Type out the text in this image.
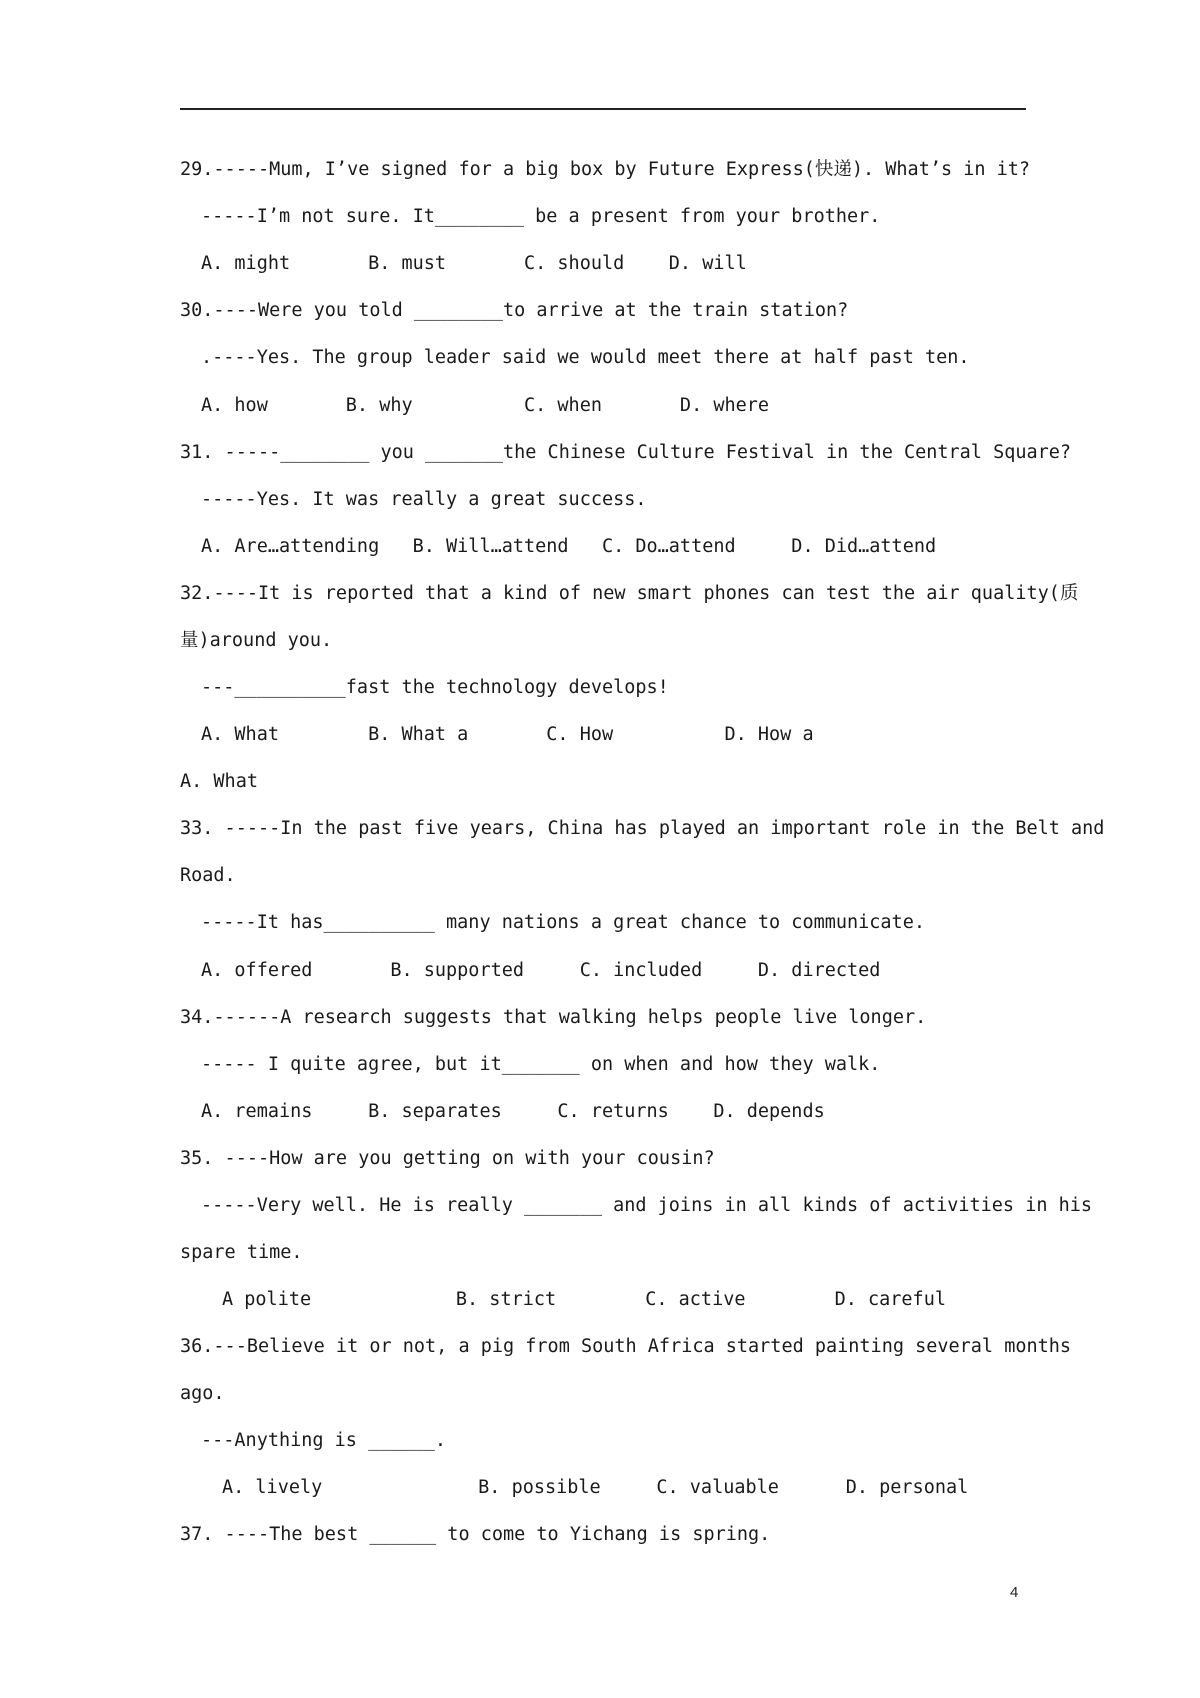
29.-----Mum, I’ve signed for a big box by Future Express(快递). What’s in it?
-----I’m not sure. It________ be a present from your brother.
A. might       B. must       C. should    D. will
30.----Were you told ________to arrive at the train station?
.----Yes. The group leader said we would meet there at half past ten.
A. how       B. why          C. when       D. where
31. -----________ you _______the Chinese Culture Festival in the Central Square?
-----Yes. It was really a great success.
A. Are…attending   B. Will…attend   C. Do…attend     D. Did…attend
32.----It is reported that a kind of new smart phones can test the air quality(质
量)around you.
---__________fast the technology develops!
A. What        B. What a       C. How          D. How a
A. What
33. -----In the past five years, China has played an important role in the Belt and
Road.
-----It has__________ many nations a great chance to communicate.
A. offered       B. supported     C. included     D. directed
34.------A research suggests that walking helps people live longer.
----- I quite agree, but it_______ on when and how they walk.
A. remains     B. separates     C. returns    D. depends
35. ----How are you getting on with your cousin?
-----Very well. He is really _______ and joins in all kinds of activities in his
spare time.
A polite             B. strict        C. active        D. careful
36.---Believe it or not, a pig from South Africa started painting several months
ago.
---Anything is ______.
A. lively              B. possible     C. valuable      D. personal
37. ----The best ______ to come to Yichang is spring.
4
